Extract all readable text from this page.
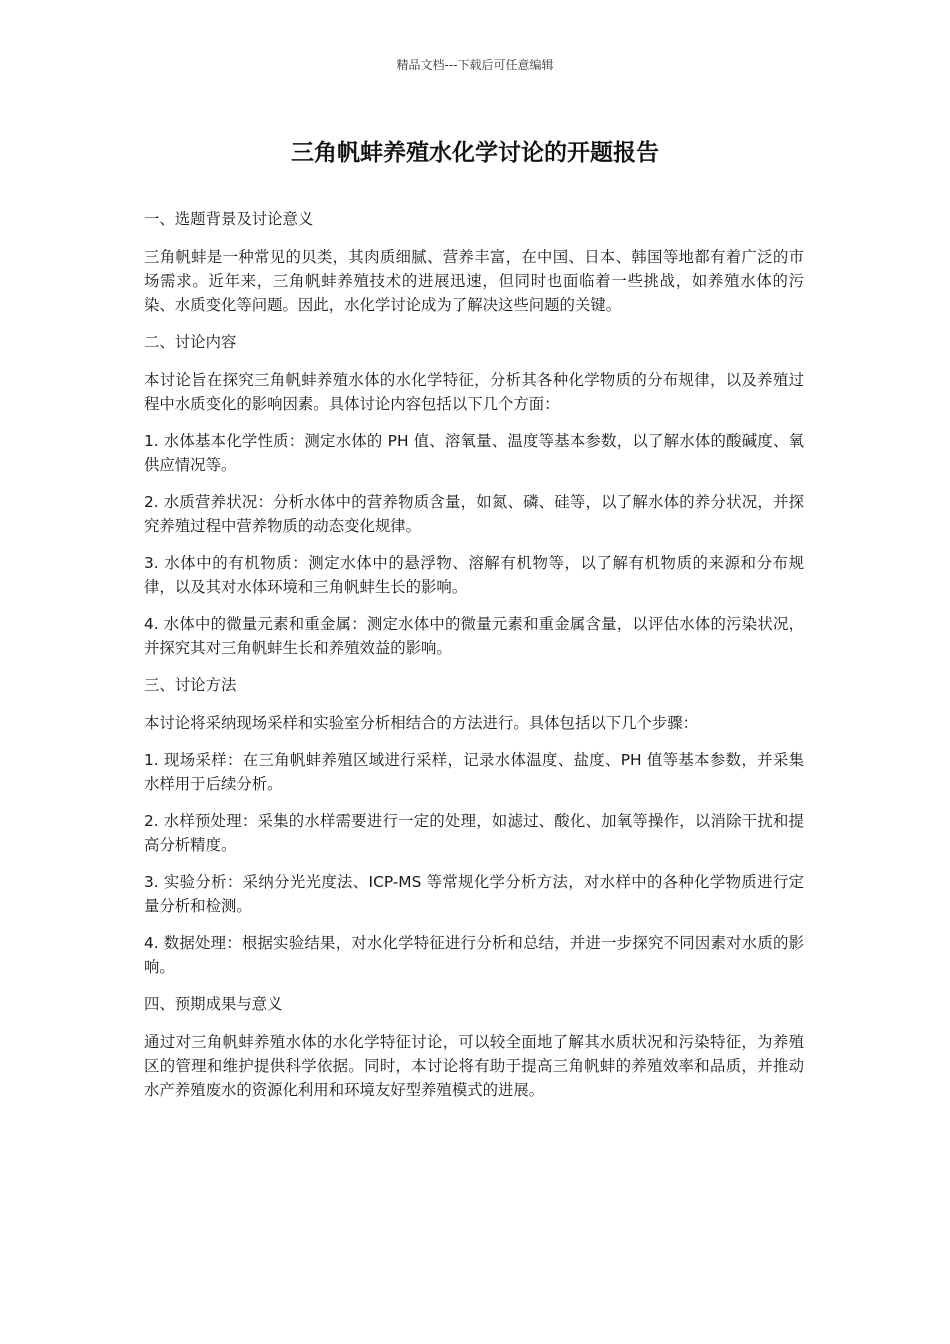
精品文档---下载后可任意编辑
三角帆蚌养殖水化学讨论的开题报告

一、选题背景及讨论意义

三角帆蚌是一种常见的贝类，其肉质细腻、营养丰富，在中国、日本、韩国等地都有着广泛的市场需求。近年来，三角帆蚌养殖技术的进展迅速，但同时也面临着一些挑战，如养殖水体的污染、水质变化等问题。因此，水化学讨论成为了解决这些问题的关键。

二、讨论内容

本讨论旨在探究三角帆蚌养殖水体的水化学特征，分析其各种化学物质的分布规律，以及养殖过程中水质变化的影响因素。具体讨论内容包括以下几个方面：

1. 水体基本化学性质：测定水体的 PH 值、溶氧量、温度等基本参数，以了解水体的酸碱度、氧供应情况等。

2. 水质营养状况：分析水体中的营养物质含量，如氮、磷、硅等，以了解水体的养分状况，并探究养殖过程中营养物质的动态变化规律。

3. 水体中的有机物质：测定水体中的悬浮物、溶解有机物等，以了解有机物质的来源和分布规律，以及其对水体环境和三角帆蚌生长的影响。

4. 水体中的微量元素和重金属：测定水体中的微量元素和重金属含量，以评估水体的污染状况，并探究其对三角帆蚌生长和养殖效益的影响。

三、讨论方法

本讨论将采纳现场采样和实验室分析相结合的方法进行。具体包括以下几个步骤：

1. 现场采样：在三角帆蚌养殖区域进行采样，记录水体温度、盐度、PH 值等基本参数，并采集水样用于后续分析。

2. 水样预处理：采集的水样需要进行一定的处理，如滤过、酸化、加氧等操作，以消除干扰和提高分析精度。

3. 实验分析：采纳分光光度法、ICP-MS 等常规化学分析方法，对水样中的各种化学物质进行定量分析和检测。

4. 数据处理：根据实验结果，对水化学特征进行分析和总结，并进一步探究不同因素对水质的影响。

四、预期成果与意义

通过对三角帆蚌养殖水体的水化学特征讨论，可以较全面地了解其水质状况和污染特征，为养殖区的管理和维护提供科学依据。同时，本讨论将有助于提高三角帆蚌的养殖效率和品质，并推动水产养殖废水的资源化利用和环境友好型养殖模式的进展。
